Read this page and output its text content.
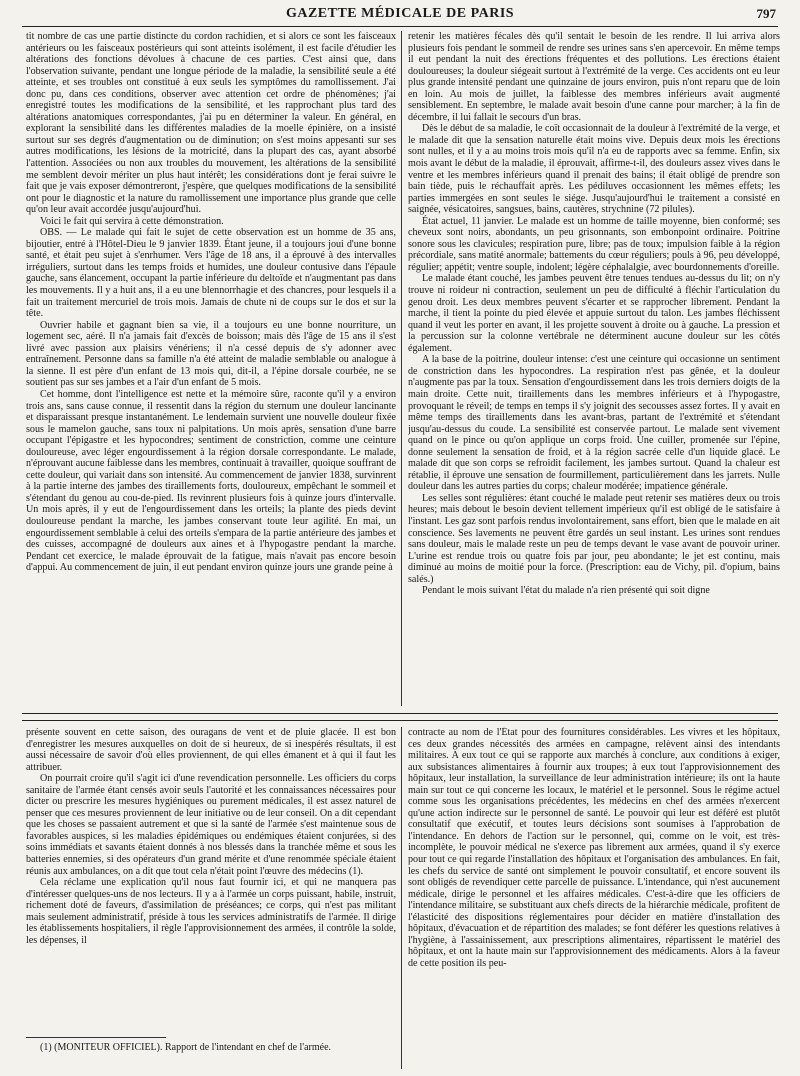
GAZETTE MÉDICALE DE PARIS	797

tit nombre de cas une partie distincte du cordon rachidien, et si alors ce sont les faisceaux antérieurs ou les faisceaux postérieurs qui sont atteints isolément, il est facile d'étudier les altérations des fonctions dévolues à chacune de ces parties. C'est ainsi que, dans l'observation suivante, pendant une longue période de la maladie, la sensibilité seule a été atteinte, et ses troubles ont constitué à eux seuls les symptômes du ramollissement. J'ai donc pu, dans ces conditions, observer avec attention cet ordre de phénomènes; j'ai enregistré toutes les modifications de la sensibilité, et les rapprochant plus tard des altérations anatomiques correspondantes, j'ai pu en déterminer la valeur. En général, en explorant la sensibilité dans les différentes maladies de la moelle épinière, on a insisté surtout sur ses degrés d'augmentation ou de diminution; on s'est moins appesanti sur ses autres modifications, les lésions de la motricité, dans la plupart des cas, ayant absorbé l'attention. Associées ou non aux troubles du mouvement, les altérations de la sensibilité me semblent devoir mériter un plus haut intérêt; les considérations dont je ferai suivre le fait que je vais exposer démontreront, j'espère, que quelques modifications de la sensibilité ont pour le diagnostic et la nature du ramollissement une importance plus grande que celle qu'on leur avait accordée jusqu'aujourd'hui.

Voici le fait qui servira à cette démonstration.

OBS. — Le malade qui fait le sujet de cette observation est un homme de 35 ans, bijoutier, entré à l'Hôtel-Dieu le 9 janvier 1839. Étant jeune, il a toujours joui d'une bonne santé, et était peu sujet à s'enrhumer. Vers l'âge de 18 ans, il a éprouvé à des intervalles irréguliers, surtout dans les temps froids et humides, une douleur contusive dans l'épaule gauche, sans élancement, occupant la partie inférieure du deltoïde et n'augmentant pas dans les mouvements. Il y a huit ans, il a eu une blennorrhagie et des chancres, pour lesquels il a fait un traitement mercuriel de trois mois. Jamais de chute ni de coups sur le dos et sur la tête.

Ouvrier habile et gagnant bien sa vie, il a toujours eu une bonne nourriture, un logement sec, aéré. Il n'a jamais fait d'excès de boisson; mais dès l'âge de 15 ans il s'est livré avec passion aux plaisirs vénériens; il n'a cessé depuis de s'y adonner avec entraînement. Personne dans sa famille n'a été atteint de maladie semblable ou analogue à la sienne. Il est père d'un enfant de 13 mois qui, dit-il, a l'épine dorsale courbée, ne se soutient pas sur ses jambes et a l'air d'un enfant de 5 mois.

Cet homme, dont l'intelligence est nette et la mémoire sûre, raconte qu'il y a environ trois ans, sans cause connue, il ressentit dans la région du sternum une douleur lancinante et disparaissant presque instantanément. Le lendemain survient une nouvelle douleur fixée sous le mamelon gauche, sans toux ni palpitations. Un mois après, sensation d'une barre occupant l'épigastre et les hypocondres; sentiment de constriction, comme une ceinture douloureuse, avec léger engourdissement à la région dorsale correspondante. Le malade, n'éprouvant aucune faiblesse dans les membres, continuait à travailler, quoique souffrant de cette douleur, qui variait dans son intensité. Au commencement de janvier 1838, survinrent à la partie interne des jambes des tiraillements forts, douloureux, empêchant le sommeil et s'étendant du genou au cou-de-pied. Ils revinrent plusieurs fois à quinze jours d'intervalle. Un mois après, il y eut de l'engourdissement dans les orteils; la plante des pieds devint douloureuse pendant la marche, les jambes conservant toute leur agilité. En mai, un engourdissement semblable à celui des orteils s'empara de la partie antérieure des jambes et des cuisses, accompagné de douleurs aux aines et à l'hypogastre pendant la marche. Pendant cet exercice, le malade éprouvait de la fatigue, mais n'avait pas encore besoin d'appui. Au commencement de juin, il eut pendant environ quinze jours une grande peine à

retenir les matières fécales dès qu'il sentait le besoin de les rendre. Il lui arriva alors plusieurs fois pendant le sommeil de rendre ses urines sans s'en apercevoir. En même temps il eut pendant la nuit des érections fréquentes et des pollutions. Les érections étaient douloureuses; la douleur siégeait surtout à l'extrémité de la verge. Ces accidents ont eu leur plus grande intensité pendant une quinzaine de jours environ, puis n'ont reparu que de loin en loin. Au mois de juillet, la faiblesse des membres inférieurs avait augmenté sensiblement. En septembre, le malade avait besoin d'une canne pour marcher; à la fin de décembre, il lui fallait le secours d'un bras.

Dès le début de sa maladie, le coït occasionnait de la douleur à l'extrémité de la verge, et le malade dit que la sensation naturelle était moins vive. Depuis deux mois les érections sont nulles, et il y a au moins trois mois qu'il n'a eu de rapports avec sa femme. Enfin, six mois avant le début de la maladie, il éprouvait, affirme-t-il, des douleurs assez vives dans le ventre et les membres inférieurs quand il prenait des bains; il était obligé de prendre son bain tiède, puis le réchauffait après. Les pédiluves occasionnent les mêmes effets; les parties immergées en sont seules le siége. Jusqu'aujourd'hui le traitement a consisté en saignée, vésicatoires, sangsues, bains, cautères, strychnine (72 pilules).

État actuel, 11 janvier. Le malade est un homme de taille moyenne, bien conformé; ses cheveux sont noirs, abondants, un peu grisonnants, son embonpoint ordinaire. Poitrine sonore sous les clavicules; respiration pure, libre; pas de toux; impulsion faible à la région précordiale, sans matité anormale; battements du cœur réguliers; pouls à 96, peu développé, régulier; appétit; ventre souple, indolent; légère céphalalgie, avec bourdonnements d'oreille.

Le malade étant couché, les jambes peuvent être tenues tendues au-dessus du lit; on n'y trouve ni roideur ni contraction, seulement un peu de difficulté à fléchir l'articulation du genou droit. Les deux membres peuvent s'écarter et se rapprocher librement. Pendant la marche, il tient la pointe du pied élevée et appuie surtout du talon. Les jambes fléchissent quand il veut les porter en avant, il les projette souvent à droite ou à gauche. La pression et la percussion sur la colonne vertébrale ne déterminent aucune douleur sur les côtés également.

A la base de la poitrine, douleur intense: c'est une ceinture qui occasionne un sentiment de constriction dans les hypocondres. La respiration n'est pas gênée, et la douleur n'augmente pas par la toux. Sensation d'engourdissement dans les trois derniers doigts de la main droite. Cette nuit, tiraillements dans les membres inférieurs et à l'hypogastre, provoquant le réveil; de temps en temps il s'y joignit des secousses assez fortes. Il y avait en même temps des tiraillements dans les avant-bras, partant de l'extrémité et s'étendant jusqu'au-dessus du coude. La sensibilité est conservée partout. Le malade sent vivement quand on le pince ou qu'on applique un corps froid. Une cuiller, promenée sur l'épine, donne seulement la sensation de froid, et à la région sacrée celle d'un liquide glacé. Le malade dit que son corps se refroidit facilement, les jambes surtout. Quand la chaleur est rétablie, il éprouve une sensation de fourmillement, particulièrement dans les jarrets. Nulle douleur dans les autres parties du corps; chaleur modérée; impatience générale.

Les selles sont régulières: étant couché le malade peut retenir ses matières deux ou trois heures; mais debout le besoin devient tellement impérieux qu'il est obligé de le satisfaire à l'instant. Les gaz sont parfois rendus involontairement, sans effort, bien que le malade en ait conscience. Ses lavements ne peuvent être gardés un seul instant. Les urines sont rendues sans douleur, mais le malade reste un peu de temps devant le vase avant de pouvoir uriner. L'urine est rendue trois ou quatre fois par jour, peu abondante; le jet est continu, mais diminué au moins de moitié pour la force. (Prescription: eau de Vichy, pil. d'opium, bains salés.)

Pendant le mois suivant l'état du malade n'a rien présenté qui soit digne

présente souvent en cette saison, des ouragans de vent et de pluie glacée. Il est bon d'enregistrer les mesures auxquelles on doit de si heureux, de si inespérés résultats, il est aussi nécessaire de savoir d'où elles proviennent, de qui elles émanent et à qui il faut les attribuer.

On pourrait croire qu'il s'agit ici d'une revendication personnelle. Les officiers du corps sanitaire de l'armée étant censés avoir seuls l'autorité et les connaissances nécessaires pour dicter ou prescrire les mesures hygiéniques ou purement médicales, il est assez naturel de penser que ces mesures proviennent de leur initiative ou de leur conseil. On a dit cependant que les choses se passaient autrement et que si la santé de l'armée s'est maintenue sous de favorables auspices, si les maladies épidémiques ou endémiques étaient conjurées, si des soins immédiats et savants étaient donnés à nos blessés dans la tranchée même et sous les batteries ennemies, si des opérateurs d'un grand mérite et d'une renommée spéciale étaient réunis aux ambulances, on a dit que tout cela n'était point l'œuvre des médecins (1).

Cela réclame une explication qu'il nous faut fournir ici, et qui ne manquera pas d'intéresser quelques-uns de nos lecteurs. Il y a à l'armée un corps puissant, habile, instruit, richement doté de faveurs, d'assimilation de préséances; ce corps, qui n'est pas militant mais seulement administratif, préside à tous les services administratifs de l'armée. Il dirige les établissements hospitaliers, il règle l'approvisionnement des armées, il contrôle la solde, les dépenses, il

contracte au nom de l'État pour des fournitures considérables. Les vivres et les hôpitaux, ces deux grandes nécessités des armées en campagne, relèvent ainsi des intendants militaires. A eux tout ce qui se rapporte aux marchés à conclure, aux conditions à exiger, aux subsistances alimentaires à fournir aux troupes; à eux tout l'approvisionnement des hôpitaux, leur installation, la surveillance de leur administration intérieure; ils ont la haute main sur tout ce qui concerne les locaux, le matériel et le personnel. Sous le régime actuel comme sous les organisations précédentes, les médecins en chef des armées n'exercent qu'une action indirecte sur le personnel de santé. Le pouvoir qui leur est déféré est plutôt consultatif que exécutif, et toutes leurs décisions sont soumises à l'approbation de l'intendance. En dehors de l'action sur le personnel, qui, comme on le voit, est très-incomplète, le pouvoir médical ne s'exerce pas librement aux armées, quand il s'y exerce pour tout ce qui regarde l'installation des hôpitaux et l'organisation des ambulances. En fait, les chefs du service de santé ont simplement le pouvoir consultatif, et encore souvent ils sont obligés de revendiquer cette parcelle de puissance. L'intendance, qui n'est aucunement médicale, dirige le personnel et les affaires médicales. C'est-à-dire que les officiers de l'intendance militaire, se substituant aux chefs directs de la hiérarchie médicale, profitent de l'élasticité des dispositions réglementaires pour décider en matière d'installation des hôpitaux, d'évacuation et de répartition des malades; se font déférer les questions relatives à l'hygiène, à l'assainissement, aux prescriptions alimentaires, répartissent le matériel des hôpitaux, et ont la haute main sur l'approvisionnement des médicaments. Alors à la faveur de cette position ils peu-

(1) (MONITEUR OFFICIEL). Rapport de l'intendant en chef de l'armée.
